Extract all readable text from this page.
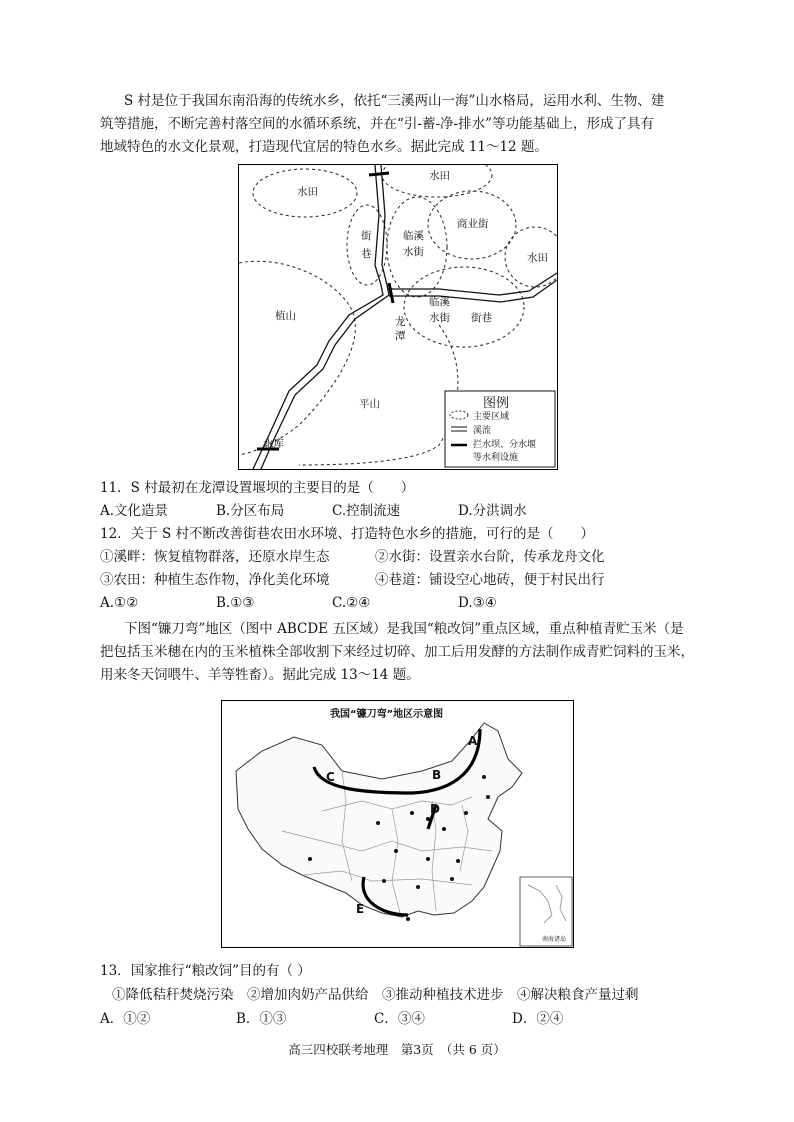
S 村是位于我国东南沿海的传统水乡，依托“三溪两山一海”山水格局，运用水利、生物、建
筑等措施，不断完善村落空间的水循环系统，并在“引-蓄-净-排水”等功能基础上，形成了具有
地域特色的水文化景观，打造现代宜居的特色水乡。据此完成 11～12 题。
水田
水田
商业街
街
巷
临溪
水街	水田
临溪
水街 街巷
植山	龙
潭
平山
水库
图例
主要区域
溪流
拦水坝、分水堰
等水利设施
11．S 村最初在龙潭设置堰坝的主要目的是（　　）
A.文化造景	B.分区布局	C.控制流速	D.分洪调水
12．关于 S 村不断改善街巷农田水环境、打造特色水乡的措施，可行的是（　　）
①溪畔：恢复植物群落，还原水岸生态	②水街：设置亲水台阶，传承龙舟文化
③农田：种植生态作物，净化美化环境	④巷道：铺设空心地砖，便于村民出行
A.①②	B.①③	C.②④	D.③④
下图“镰刀弯”地区（图中 ABCDE 五区域）是我国“粮改饲”重点区域，重点种植青贮玉米（是
把包括玉米穗在内的玉米植株全部收割下来经过切碎、加工后用发酵的方法制作成青贮饲料的玉米，
用来冬天饲喂牛、羊等牲畜）。据此完成 13～14 题。
我国“镰刀弯”地区示意图
A
B
C
D
E
南海诸岛
13．国家推行“粮改饲”目的有（ ）
①降低秸秆焚烧污染　②增加肉奶产品供给　③推动种植技术进步　④解决粮食产量过剩
A．①②	B．①③	C．③④	D．②④
高三四校联考地理　第3页　（共 6 页）
